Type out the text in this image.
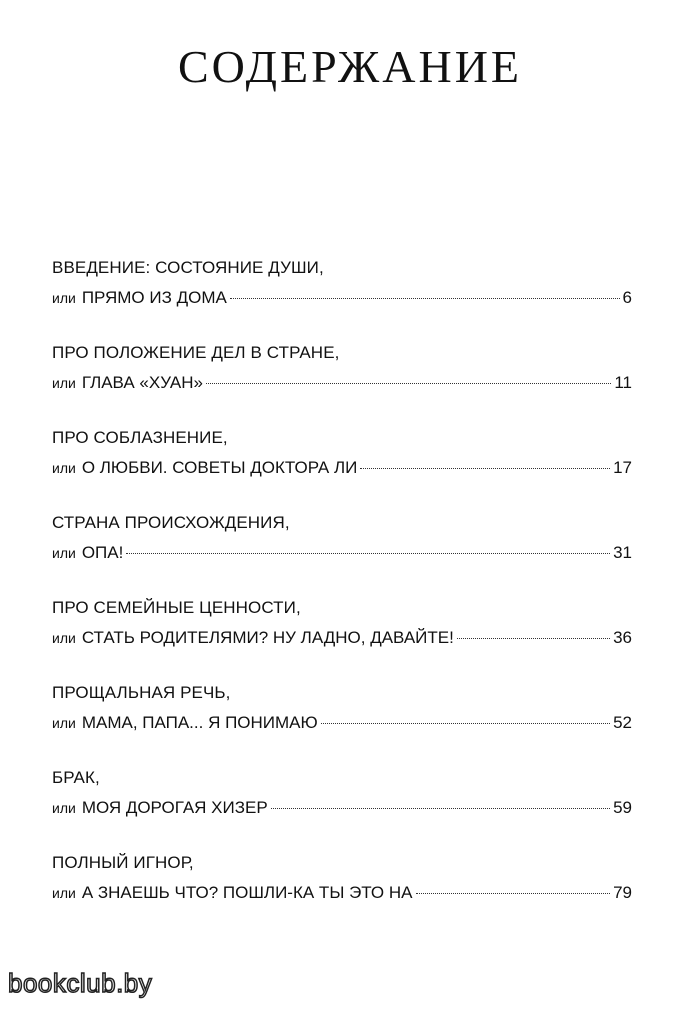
СОДЕРЖАНИЕ
ВВЕДЕНИЕ: СОСТОЯНИЕ ДУШИ,
или ПРЯМО ИЗ ДОМА	6
ПРО ПОЛОЖЕНИЕ ДЕЛ В СТРАНЕ,
или ГЛАВА «ХУАН»	11
ПРО СОБЛАЗНЕНИЕ,
или О ЛЮБВИ. СОВЕТЫ ДОКТОРА ЛИ	17
СТРАНА ПРОИСХОЖДЕНИЯ,
или ОПА!	31
ПРО СЕМЕЙНЫЕ ЦЕННОСТИ,
или СТАТЬ РОДИТЕЛЯМИ? НУ ЛАДНО, ДАВАЙТЕ!	36
ПРОЩАЛЬНАЯ РЕЧЬ,
или МАМА, ПАПА... Я ПОНИМАЮ	52
БРАК,
или МОЯ ДОРОГАЯ ХИЗЕР	59
ПОЛНЫЙ ИГНОР,
или А ЗНАЕШЬ ЧТО? ПОШЛИ-КА ТЫ ЭТО НА	79
bookclub.by
